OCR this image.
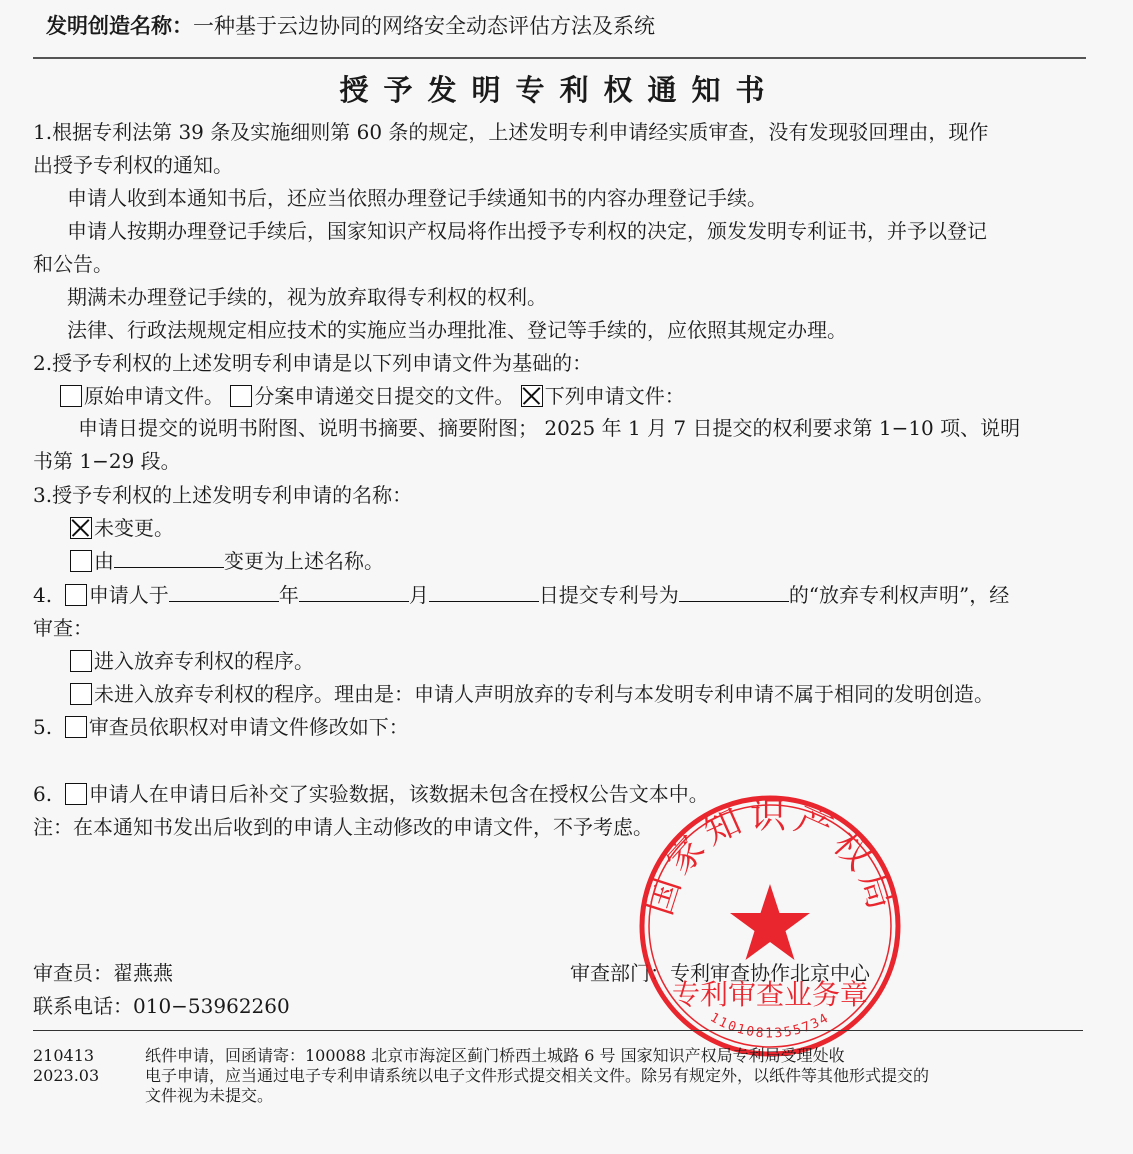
发明创造名称：一种基于云边协同的网络安全动态评估方法及系统
授予发明专利权通知书
1.根据专利法第 39 条及实施细则第 60 条的规定，上述发明专利申请经实质审查，没有发现驳回理由，现作
出授予专利权的通知。
申请人收到本通知书后，还应当依照办理登记手续通知书的内容办理登记手续。
申请人按期办理登记手续后，国家知识产权局将作出授予专利权的决定，颁发发明专利证书，并予以登记
和公告。
期满未办理登记手续的，视为放弃取得专利权的权利。
法律、行政法规规定相应技术的实施应当办理批准、登记等手续的，应依照其规定办理。
2.授予专利权的上述发明专利申请是以下列申请文件为基础的：
原始申请文件。 分案申请递交日提交的文件。 下列申请文件：
申请日提交的说明书附图、说明书摘要、摘要附图； 2025 年 1 月 7 日提交的权利要求第 1−10 项、说明
书第 1−29 段。
3.授予专利权的上述发明专利申请的名称：
未变更。
由	变更为上述名称。
4. 申请人于	年	月	日提交专利号为	的“放弃专利权声明”，经
审查：
进入放弃专利权的程序。
未进入放弃专利权的程序。理由是：申请人声明放弃的专利与本发明专利申请不属于相同的发明创造。
5. 审查员依职权对申请文件修改如下：
6. 申请人在申请日后补交了实验数据，该数据未包含在授权公告文本中。
注：在本通知书发出后收到的申请人主动修改的申请文件，不予考虑。
审查员：翟燕燕
联系电话：010−53962260
审查部门：专利审查协作北京中心
国家知识产权局
专利审查业务章
1101081355734
210413
2023.03
纸件申请，回函请寄：100088 北京市海淀区蓟门桥西土城路 6 号 国家知识产权局专利局受理处收
电子申请，应当通过电子专利申请系统以电子文件形式提交相关文件。除另有规定外，以纸件等其他形式提交的
文件视为未提交。
